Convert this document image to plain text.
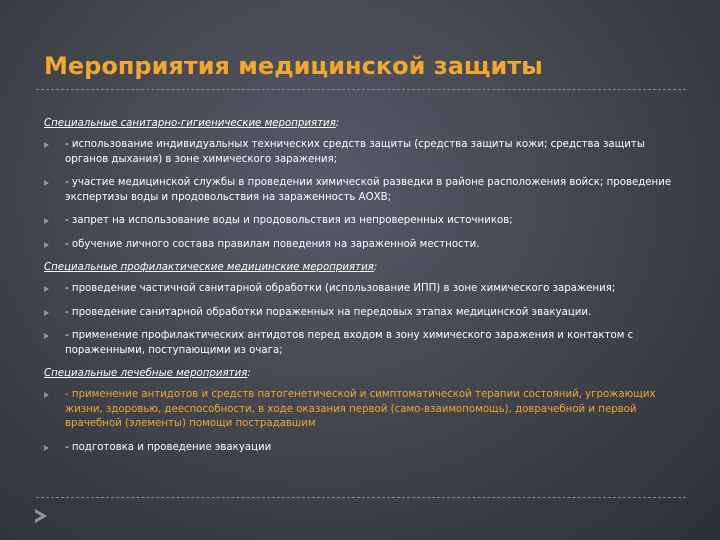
Мероприятия медицинской защиты
Специальные санитарно-гигиенические мероприятия:
- использование индивидуальных технических средств защиты (средства защиты кожи; средства защиты органов дыхания) в зоне химического заражения;
- участие медицинской службы в проведении химической разведки в районе расположения войск; проведение экспертизы воды и продовольствия на зараженность АОХВ;
- запрет на использование воды и продовольствия из непроверенных источников;
- обучение личного состава правилам поведения на зараженной местности.
Специальные профилактические медицинские мероприятия:
- проведение частичной санитарной обработки (использование ИПП) в зоне химического заражения;
- проведение санитарной обработки пораженных на передовых этапах медицинской эвакуации.
- применение профилактических антидотов перед входом в зону химического заражения и контактом с пораженными, поступающими из очага;
Специальные лечебные мероприятия:
- применение антидотов и средств патогенетической и симптоматической терапии состояний, угрожающих жизни, здоровью, дееспособности, в ходе оказания первой (само-взаимопомощь), доврачебной и первой врачебной (элементы) помощи пострадавшим
- подготовка и проведение эвакуации
